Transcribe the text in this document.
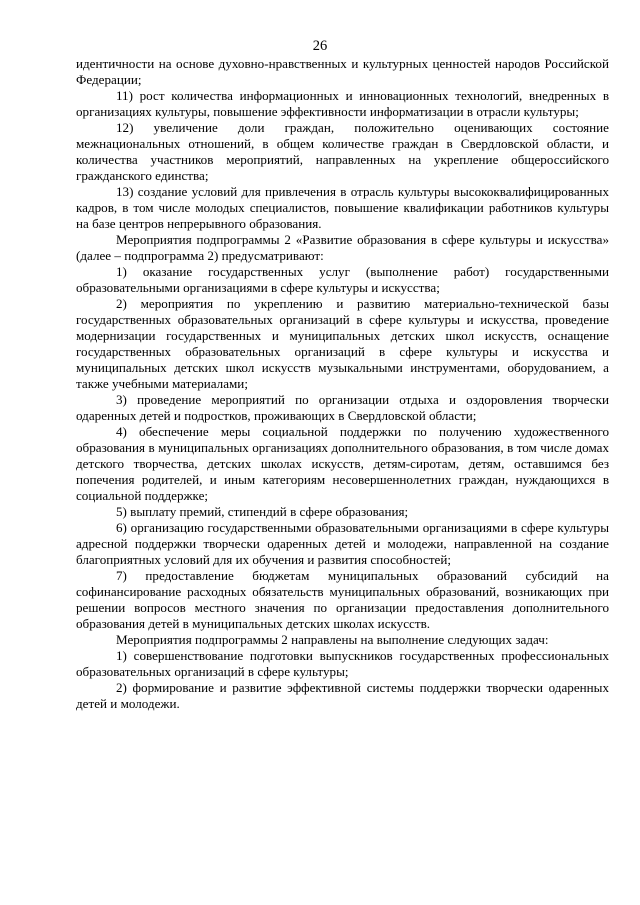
26

идентичности на основе духовно-нравственных и культурных ценностей народов Российской Федерации;

11) рост количества информационных и инновационных технологий, внедренных в организациях культуры, повышение эффективности информатизации в отрасли культуры;

12) увеличение доли граждан, положительно оценивающих состояние межнациональных отношений, в общем количестве граждан в Свердловской области, и количества участников мероприятий, направленных на укрепление общероссийского гражданского единства;

13) создание условий для привлечения в отрасль культуры высококвалифицированных кадров, в том числе молодых специалистов, повышение квалификации работников культуры на базе центров непрерывного образования.

Мероприятия подпрограммы 2 «Развитие образования в сфере культуры и искусства» (далее – подпрограмма 2) предусматривают:

1) оказание государственных услуг (выполнение работ) государственными образовательными организациями в сфере культуры и искусства;

2) мероприятия по укреплению и развитию материально-технической базы государственных образовательных организаций в сфере культуры и искусства, проведение модернизации государственных и муниципальных детских школ искусств, оснащение государственных образовательных организаций в сфере культуры и искусства и муниципальных детских школ искусств музыкальными инструментами, оборудованием, а также учебными материалами;

3) проведение мероприятий по организации отдыха и оздоровления творчески одаренных детей и подростков, проживающих в Свердловской области;

4) обеспечение меры социальной поддержки по получению художественного образования в муниципальных организациях дополнительного образования, в том числе домах детского творчества, детских школах искусств, детям-сиротам, детям, оставшимся без попечения родителей, и иным категориям несовершеннолетних граждан, нуждающихся в социальной поддержке;

5) выплату премий, стипендий в сфере образования;

6) организацию государственными образовательными организациями в сфере культуры адресной поддержки творчески одаренных детей и молодежи, направленной на создание благоприятных условий для их обучения и развития способностей;

7) предоставление бюджетам муниципальных образований субсидий на софинансирование расходных обязательств муниципальных образований, возникающих при решении вопросов местного значения по организации предоставления дополнительного образования детей в муниципальных детских школах искусств.

Мероприятия подпрограммы 2 направлены на выполнение следующих задач:

1) совершенствование подготовки выпускников государственных профессиональных образовательных организаций в сфере культуры;

2) формирование и развитие эффективной системы поддержки творчески одаренных детей и молодежи.
